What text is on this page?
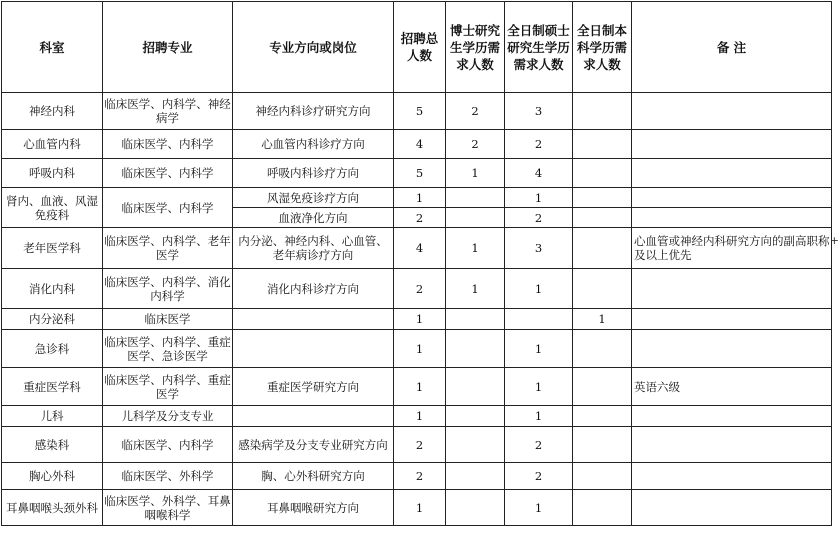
科室	招聘专业	专业方向或岗位	招聘总人数	博士研究生学历需求人数	全日制硕士研究生学历需求人数	全日制本科学历需求人数	备 注
神经内科	临床医学、内科学、神经病学	神经内科诊疗研究方向	5	2	3		
心血管内科	临床医学、内科学	心血管内科诊疗方向	4	2	2		
呼吸内科	临床医学、内科学	呼吸内科诊疗方向	5	1	4		
肾内、血液、风湿免疫科	临床医学、内科学	风湿免疫诊疗方向	1		1		
		血液净化方向	2		2		
老年医学科	临床医学、内科学、老年医学	内分泌、神经内科、心血管、老年病诊疗方向	4	1	3		心血管或神经内科研究方向的副高职称及以上优先
消化内科	临床医学、内科学、消化内科学	消化内科诊疗方向	2	1	1		
内分泌科	临床医学		1			1	
急诊科	临床医学、内科学、重症医学、急诊医学		1		1		
重症医学科	临床医学、内科学、重症医学	重症医学研究方向	1		1		英语六级
儿科	儿科学及分支专业		1		1		
感染科	临床医学、内科学	感染病学及分支专业研究方向	2		2		
胸心外科	临床医学、外科学	胸、心外科研究方向	2		2		
耳鼻咽喉头颈外科	临床医学、外科学、耳鼻咽喉科学	耳鼻咽喉研究方向	1		1		
+
